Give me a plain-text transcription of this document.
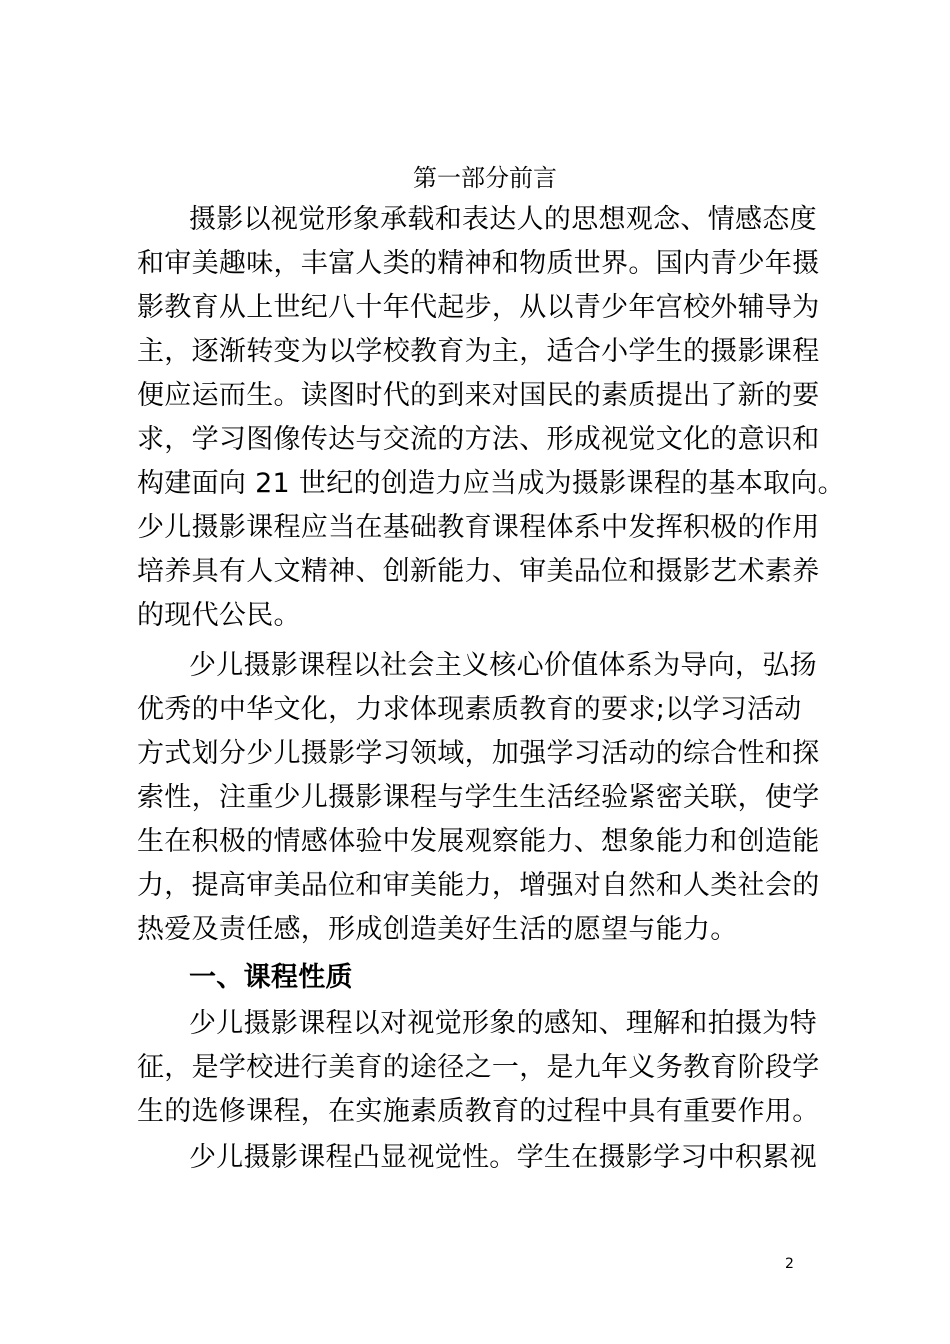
第一部分前言
摄影以视觉形象承载和表达人的思想观念、情感态度
和审美趣味，丰富人类的精神和物质世界。国内青少年摄
影教育从上世纪八十年代起步，从以青少年宫校外辅导为
主，逐渐转变为以学校教育为主，适合小学生的摄影课程
便应运而生。读图时代的到来对国民的素质提出了新的要
求，学习图像传达与交流的方法、形成视觉文化的意识和
构建面向 21 世纪的创造力应当成为摄影课程的基本取向。
少儿摄影课程应当在基础教育课程体系中发挥积极的作用
培养具有人文精神、创新能力、审美品位和摄影艺术素养
的现代公民。
少儿摄影课程以社会主义核心价值体系为导向，弘扬
优秀的中华文化，力求体现素质教育的要求;以学习活动
方式划分少儿摄影学习领域，加强学习活动的综合性和探
索性，注重少儿摄影课程与学生生活经验紧密关联，使学
生在积极的情感体验中发展观察能力、想象能力和创造能
力，提高审美品位和审美能力，增强对自然和人类社会的
热爱及责任感，形成创造美好生活的愿望与能力。
一、课程性质
少儿摄影课程以对视觉形象的感知、理解和拍摄为特
征，是学校进行美育的途径之一，是九年义务教育阶段学
生的选修课程，在实施素质教育的过程中具有重要作用。
少儿摄影课程凸显视觉性。学生在摄影学习中积累视
2
